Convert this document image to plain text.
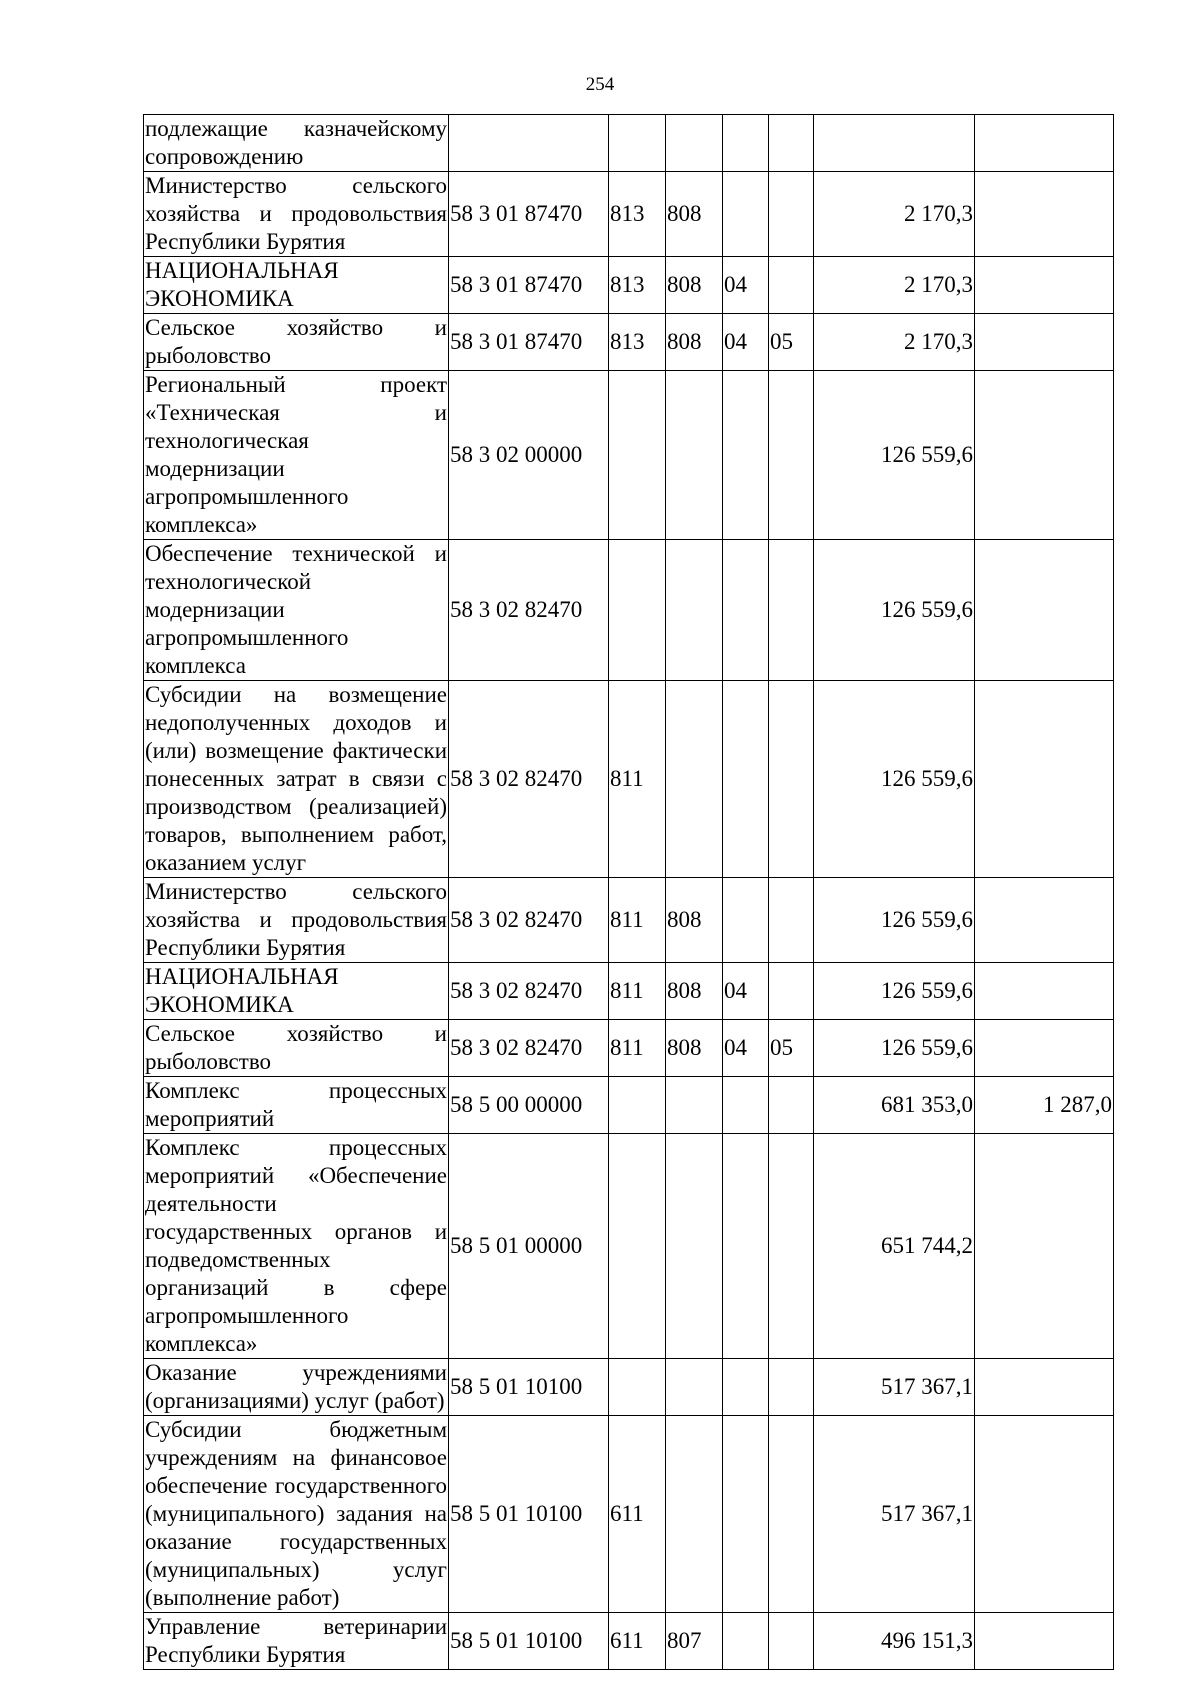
254
подлежащие казначейскому сопровождению							
Министерство сельского хозяйства и продовольствия Республики Бурятия	58 3 01 87470	813	808			2 170,3	
НАЦИОНАЛЬНАЯ ЭКОНОМИКА	58 3 01 87470	813	808	04		2 170,3	
Сельское хозяйство и рыболовство	58 3 01 87470	813	808	04	05	2 170,3	
Региональный проект «Техническая и технологическая модернизации агропромышленного комплекса»	58 3 02 00000					126 559,6	
Обеспечение технической и технологической модернизации агропромышленного комплекса	58 3 02 82470					126 559,6	
Субсидии на возмещение недополученных доходов и (или) возмещение фактически понесенных затрат в связи с производством (реализацией) товаров, выполнением работ, оказанием услуг	58 3 02 82470	811				126 559,6	
Министерство сельского хозяйства и продовольствия Республики Бурятия	58 3 02 82470	811	808			126 559,6	
НАЦИОНАЛЬНАЯ ЭКОНОМИКА	58 3 02 82470	811	808	04		126 559,6	
Сельское хозяйство и рыболовство	58 3 02 82470	811	808	04	05	126 559,6	
Комплекс процессных мероприятий	58 5 00 00000					681 353,0	1 287,0
Комплекс процессных мероприятий «Обеспечение деятельности государственных органов и подведомственных организаций в сфере агропромышленного комплекса»	58 5 01 00000					651 744,2	
Оказание учреждениями (организациями) услуг (работ)	58 5 01 10100					517 367,1	
Субсидии бюджетным учреждениям на финансовое обеспечение государственного (муниципального) задания на оказание государственных (муниципальных) услуг (выполнение работ)	58 5 01 10100	611				517 367,1	
Управление ветеринарии Республики Бурятия	58 5 01 10100	611	807			496 151,3	
